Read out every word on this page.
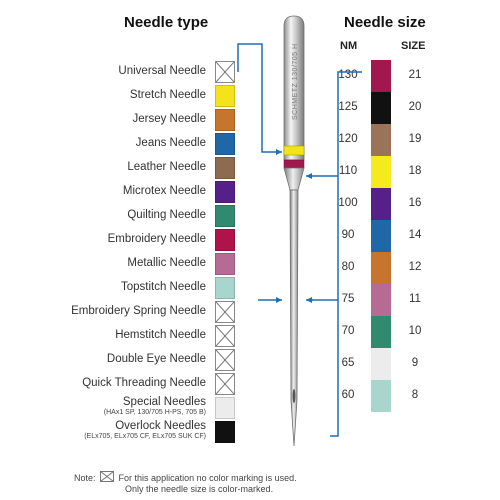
Needle type	Needle size
NM	SIZE
Universal Needle
Stretch Needle
Jersey Needle
Jeans Needle
Leather Needle
Microtex Needle
Quilting Needle
Embroidery Needle
Metallic Needle
Topstitch Needle
Embroidery Spring Needle
Hemstitch Needle
Double Eye Needle
Quick Threading Needle
Special Needles
(HAx1 SP, 130/705 H-PS, 705 B)
Overlock Needles
(ELx705, ELx705 CF, ELx705 SUK CF)
130	21
125	20
120	19
110	18
100	16
90	14
80	12
75	11
70	10
65	9
60	8
SCHMETZ 130/705 H
Note:	For this application no color marking is used.
Only the needle size is color-marked.
